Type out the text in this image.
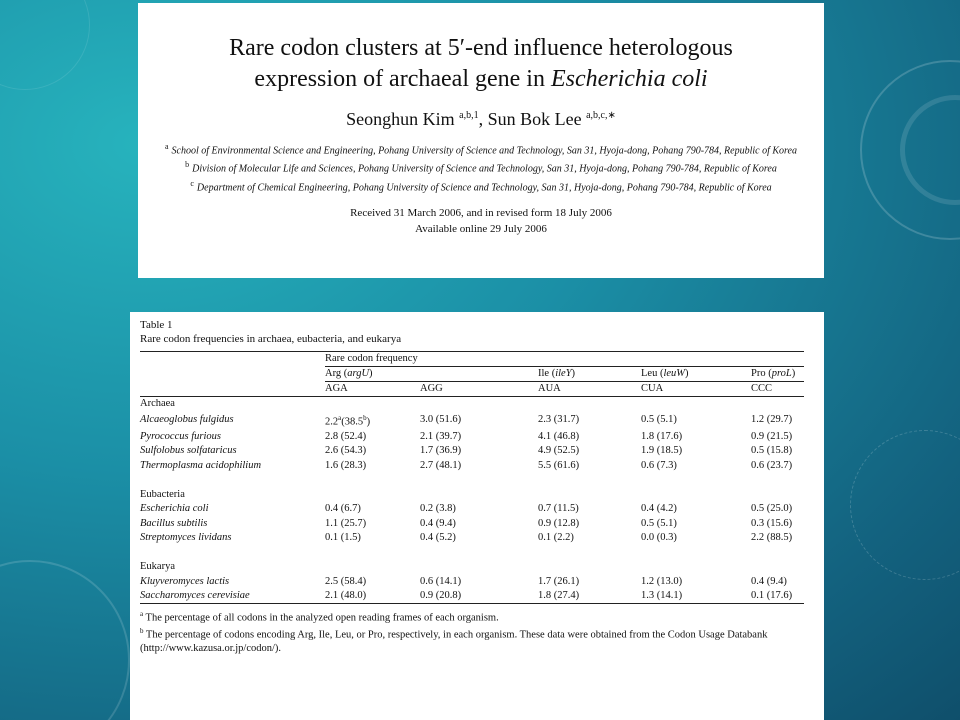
Rare codon clusters at 5′-end influence heterologous
expression of archaeal gene in Escherichia coli
Seonghun Kim $^{a,b,1}$, Sun Bok Lee $^{a,b,c,∗}$
$^a$ School of Environmental Science and Engineering, Pohang University of Science and Technology, San 31, Hyoja-dong, Pohang 790-784, Republic of Korea
$^b$ Division of Molecular Life and Sciences, Pohang University of Science and Technology, San 31, Hyoja-dong, Pohang 790-784, Republic of Korea
$^c$ Department of Chemical Engineering, Pohang University of Science and Technology, San 31, Hyoja-dong, Pohang 790-784, Republic of Korea
Received 31 March 2006, and in revised form 18 July 2006
Available online 29 July 2006
Table 1
Rare codon frequencies in archaea, eubacteria, and eukarya
	Rare codon frequency				
	Arg (argU)		Ile (ileY)	Leu (leuW)	Pro (proL)
	AGA	AGG	AUA	CUA	CCC
Archaea					
Alcaeoglobus fulgidus	2.2$^a$(38.5$^b$)	3.0 (51.6)	2.3 (31.7)	0.5 (5.1)	1.2 (29.7)
Pyrococcus furious	2.8 (52.4)	2.1 (39.7)	4.1 (46.8)	1.8 (17.6)	0.9 (21.5)
Sulfolobus solfataricus	2.6 (54.3)	1.7 (36.9)	4.9 (52.5)	1.9 (18.5)	0.5 (15.8)
Thermoplasma acidophilium	1.6 (28.3)	2.7 (48.1)	5.5 (61.6)	0.6 (7.3)	0.6 (23.7)

Eubacteria					
Escherichia coli	0.4 (6.7)	0.2 (3.8)	0.7 (11.5)	0.4 (4.2)	0.5 (25.0)
Bacillus subtilis	1.1 (25.7)	0.4 (9.4)	0.9 (12.8)	0.5 (5.1)	0.3 (15.6)
Streptomyces lividans	0.1 (1.5)	0.4 (5.2)	0.1 (2.2)	0.0 (0.3)	2.2 (88.5)

Eukarya					
Kluyveromyces lactis	2.5 (58.4)	0.6 (14.1)	1.7 (26.1)	1.2 (13.0)	0.4 (9.4)
Saccharomyces cerevisiae	2.1 (48.0)	0.9 (20.8)	1.8 (27.4)	1.3 (14.1)	0.1 (17.6)
$^a$ The percentage of all codons in the analyzed open reading frames of each organism.
$^b$ The percentage of codons encoding Arg, Ile, Leu, or Pro, respectively, in each organism. These data were obtained from the Codon Usage Databank
(http://www.kazusa.or.jp/codon/).
